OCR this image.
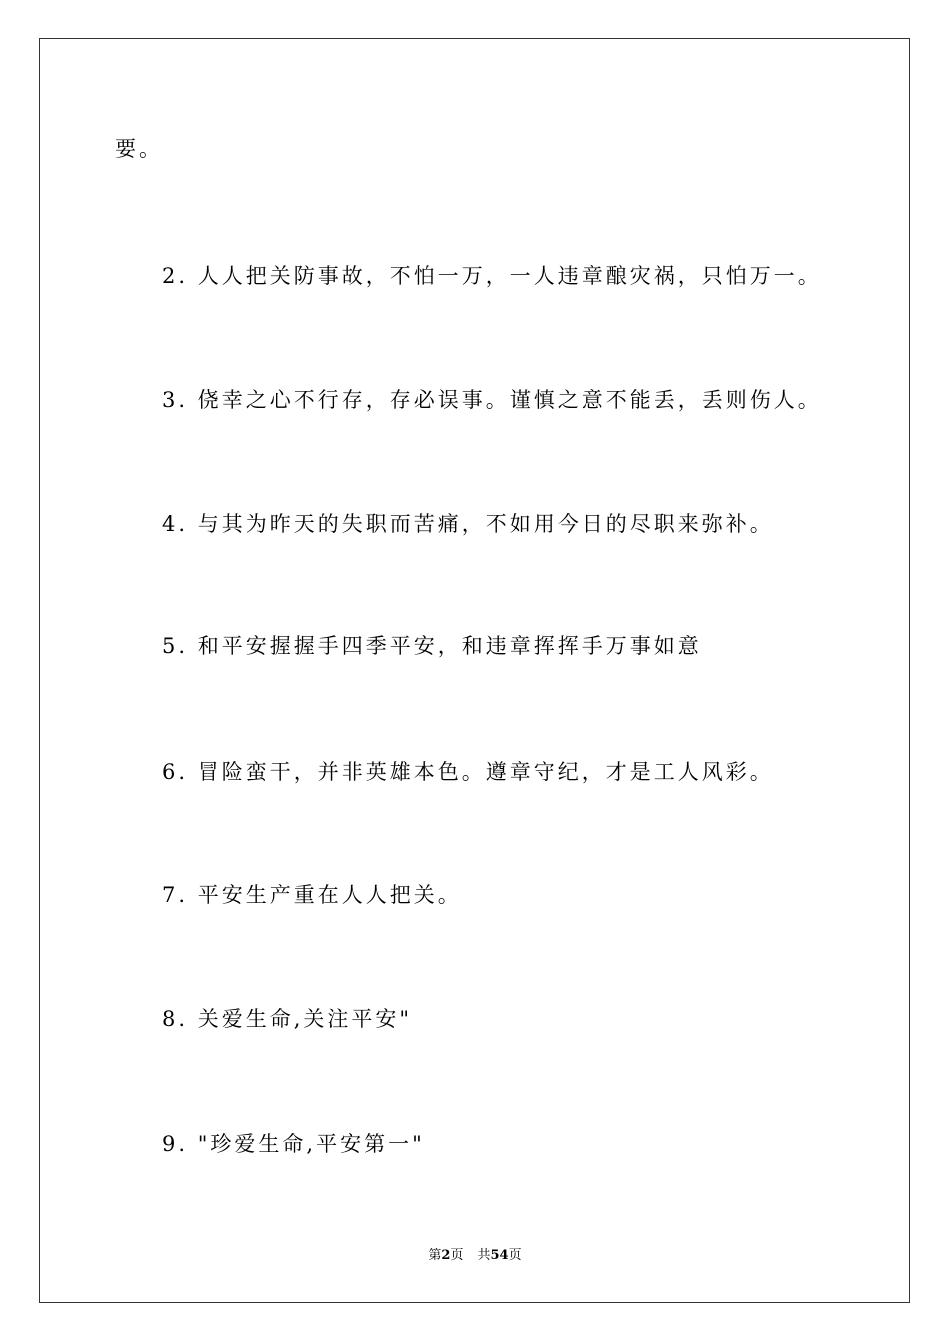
要。
2. 人人把关防事故，不怕一万，一人违章酿灾祸，只怕万一。
3. 侥幸之心不行存，存必误事。谨慎之意不能丢，丢则伤人。
4. 与其为昨天的失职而苦痛，不如用今日的尽职来弥补。
5. 和平安握握手四季平安，和违章挥挥手万事如意
6. 冒险蛮干，并非英雄本色。遵章守纪，才是工人风彩。
7. 平安生产重在人人把关。
8. 关爱生命,关注平安"
9. "珍爱生命,平安第一"
第2页 共54页
